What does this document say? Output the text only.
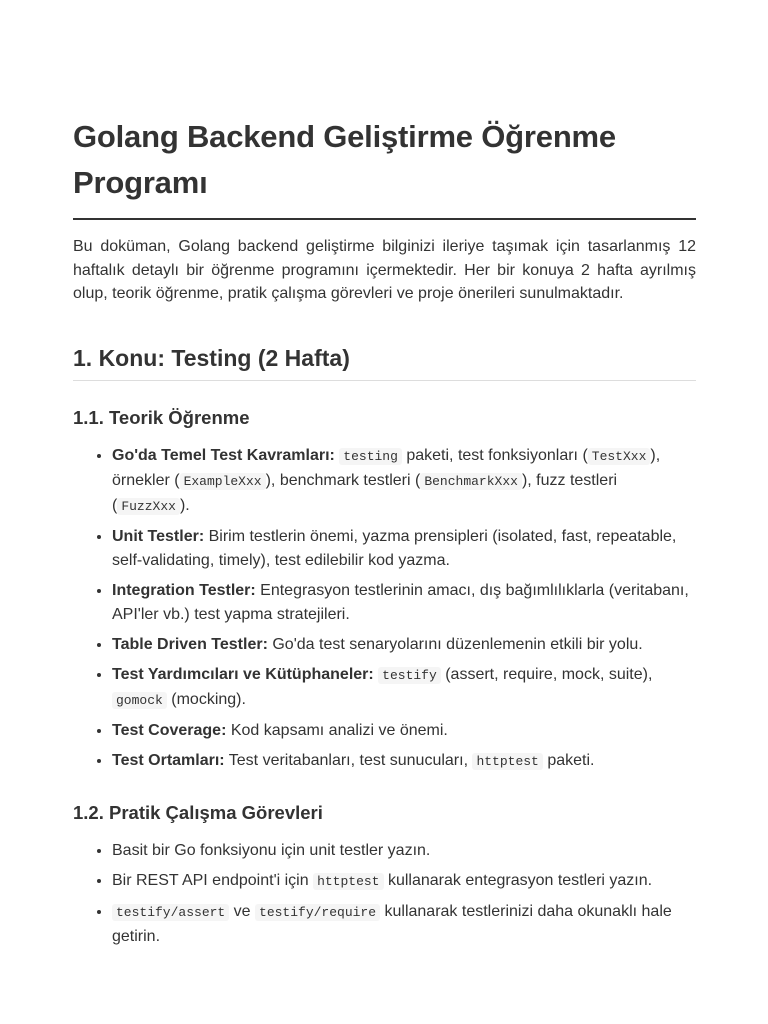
Golang Backend Geliştirme Öğrenme Programı

Bu doküman, Golang backend geliştirme bilginizi ileriye taşımak için tasarlanmış 12 haftalık detaylı bir öğrenme programını içermektedir. Her bir konuya 2 hafta ayrılmış olup, teorik öğrenme, pratik çalışma görevleri ve proje önerileri sunulmaktadır.

1. Konu: Testing (2 Hafta)
1.1. Teorik Öğrenme
• Go'da Temel Test Kavramları: testing paketi, test fonksiyonları ( TestXxx ), örnekler ( ExampleXxx ), benchmark testleri ( BenchmarkXxx ), fuzz testleri ( FuzzXxx ).
• Unit Testler: Birim testlerin önemi, yazma prensipleri (isolated, fast, repeatable, self-validating, timely), test edilebilir kod yazma.
• Integration Testler: Entegrasyon testlerinin amacı, dış bağımlılıklarla (veritabanı, API'ler vb.) test yapma stratejileri.
• Table Driven Testler: Go'da test senaryolarını düzenlemenin etkili bir yolu.
• Test Yardımcıları ve Kütüphaneler: testify (assert, require, mock, suite), gomock (mocking).
• Test Coverage: Kod kapsamı analizi ve önemi.
• Test Ortamları: Test veritabanları, test sunucuları, httptest paketi.
1.2. Pratik Çalışma Görevleri
• Basit bir Go fonksiyonu için unit testler yazın.
• Bir REST API endpoint'i için httptest kullanarak entegrasyon testleri yazın.
• testify/assert ve testify/require kullanarak testlerinizi daha okunaklı hale getirin.
